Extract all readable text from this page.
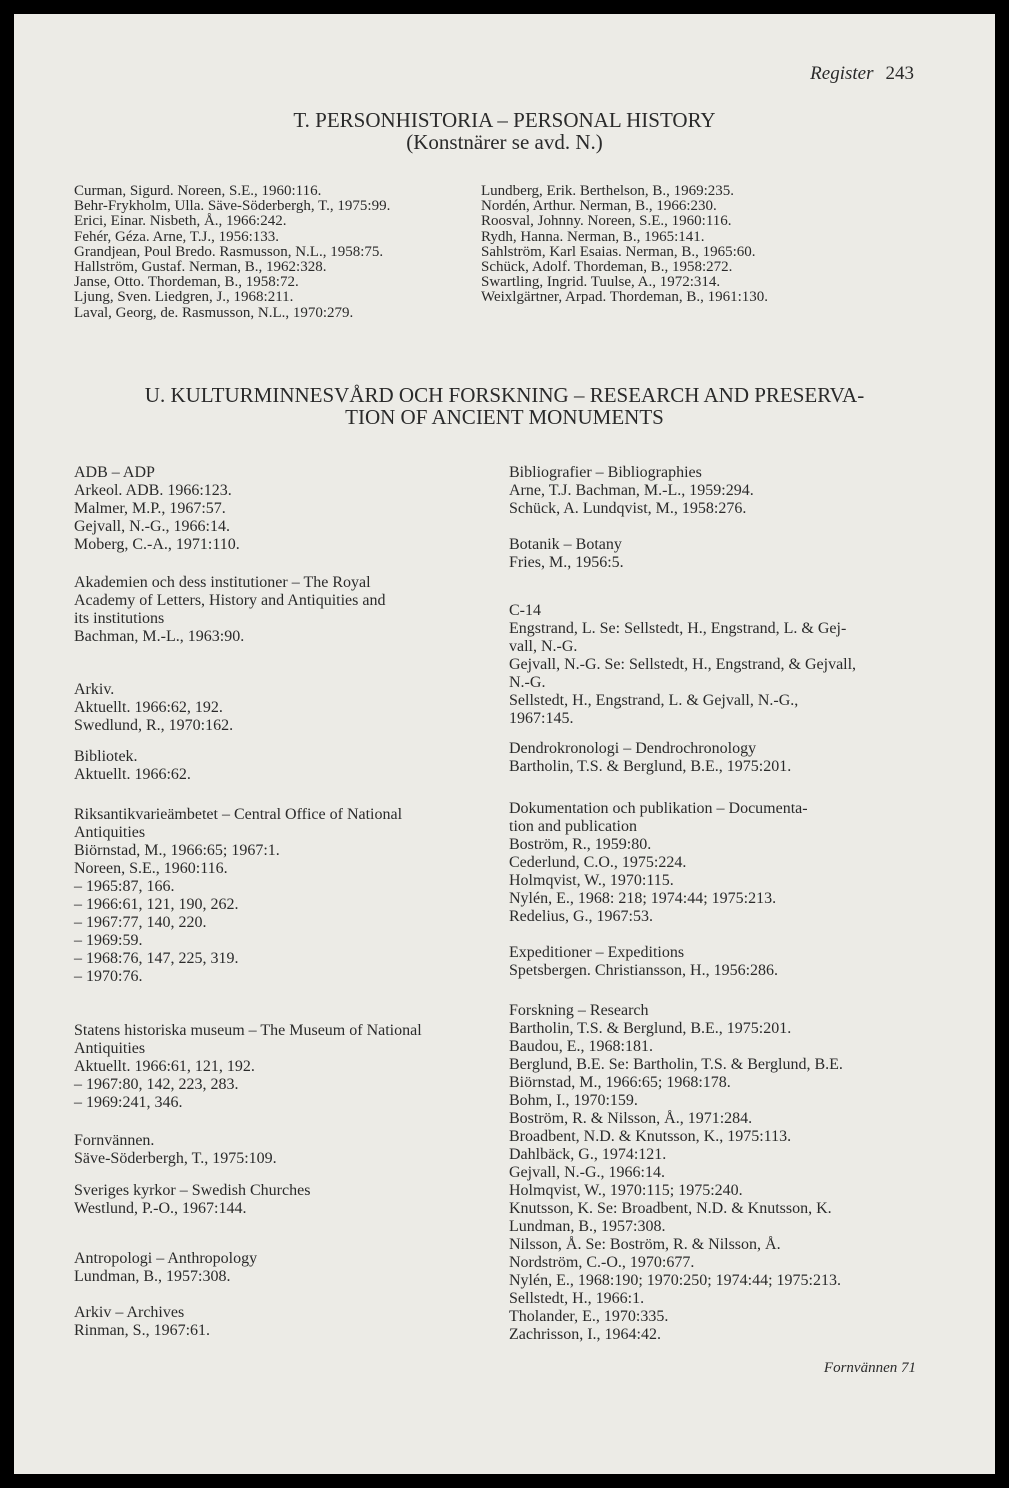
Register 243
T. PERSONHISTORIA – PERSONAL HISTORY
(Konstnärer se avd. N.)
Curman, Sigurd. Noreen, S.E., 1960:116.
Behr-Frykholm, Ulla. Säve-Söderbergh, T., 1975:99.
Erici, Einar. Nisbeth, Å., 1966:242.
Fehér, Géza. Arne, T.J., 1956:133.
Grandjean, Poul Bredo. Rasmusson, N.L., 1958:75.
Hallström, Gustaf. Nerman, B., 1962:328.
Janse, Otto. Thordeman, B., 1958:72.
Ljung, Sven. Liedgren, J., 1968:211.
Laval, Georg, de. Rasmusson, N.L., 1970:279.
Lundberg, Erik. Berthelson, B., 1969:235.
Nordén, Arthur. Nerman, B., 1966:230.
Roosval, Johnny. Noreen, S.E., 1960:116.
Rydh, Hanna. Nerman, B., 1965:141.
Sahlström, Karl Esaias. Nerman, B., 1965:60.
Schück, Adolf. Thordeman, B., 1958:272.
Swartling, Ingrid. Tuulse, A., 1972:314.
Weixlgärtner, Arpad. Thordeman, B., 1961:130.
U. KULTURMINNESVÅRD OCH FORSKNING – RESEARCH AND PRESERVA-
TION OF ANCIENT MONUMENTS
ADB – ADP
Arkeol. ADB. 1966:123.
Malmer, M.P., 1967:57.
Gejvall, N.-G., 1966:14.
Moberg, C.-A., 1971:110.
Akademien och dess institutioner – The Royal
Academy of Letters, History and Antiquities and
its institutions
Bachman, M.-L., 1963:90.
Arkiv.
Aktuellt. 1966:62, 192.
Swedlund, R., 1970:162.
Bibliotek.
Aktuellt. 1966:62.
Riksantikvarieämbetet – Central Office of National
Antiquities
Biörnstad, M., 1966:65; 1967:1.
Noreen, S.E., 1960:116.
– 1965:87, 166.
– 1966:61, 121, 190, 262.
– 1967:77, 140, 220.
– 1969:59.
– 1968:76, 147, 225, 319.
– 1970:76.
Statens historiska museum – The Museum of National
Antiquities
Aktuellt. 1966:61, 121, 192.
– 1967:80, 142, 223, 283.
– 1969:241, 346.
Fornvännen.
Säve-Söderbergh, T., 1975:109.
Sveriges kyrkor – Swedish Churches
Westlund, P.-O., 1967:144.
Antropologi – Anthropology
Lundman, B., 1957:308.
Arkiv – Archives
Rinman, S., 1967:61.
Bibliografier – Bibliographies
Arne, T.J. Bachman, M.-L., 1959:294.
Schück, A. Lundqvist, M., 1958:276.
Botanik – Botany
Fries, M., 1956:5.
C-14
Engstrand, L. Se: Sellstedt, H., Engstrand, L. & Gej-
vall, N.-G.
Gejvall, N.-G. Se: Sellstedt, H., Engstrand, & Gejvall,
N.-G.
Sellstedt, H., Engstrand, L. & Gejvall, N.-G.,
1967:145.
Dendrokronologi – Dendrochronology
Bartholin, T.S. & Berglund, B.E., 1975:201.
Dokumentation och publikation – Documenta-
tion and publication
Boström, R., 1959:80.
Cederlund, C.O., 1975:224.
Holmqvist, W., 1970:115.
Nylén, E., 1968: 218; 1974:44; 1975:213.
Redelius, G., 1967:53.
Expeditioner – Expeditions
Spetsbergen. Christiansson, H., 1956:286.
Forskning – Research
Bartholin, T.S. & Berglund, B.E., 1975:201.
Baudou, E., 1968:181.
Berglund, B.E. Se: Bartholin, T.S. & Berglund, B.E.
Biörnstad, M., 1966:65; 1968:178.
Bohm, I., 1970:159.
Boström, R. & Nilsson, Å., 1971:284.
Broadbent, N.D. & Knutsson, K., 1975:113.
Dahlbäck, G., 1974:121.
Gejvall, N.-G., 1966:14.
Holmqvist, W., 1970:115; 1975:240.
Knutsson, K. Se: Broadbent, N.D. & Knutsson, K.
Lundman, B., 1957:308.
Nilsson, Å. Se: Boström, R. & Nilsson, Å.
Nordström, C.-O., 1970:677.
Nylén, E., 1968:190; 1970:250; 1974:44; 1975:213.
Sellstedt, H., 1966:1.
Tholander, E., 1970:335.
Zachrisson, I., 1964:42.
Fornvännen 71
